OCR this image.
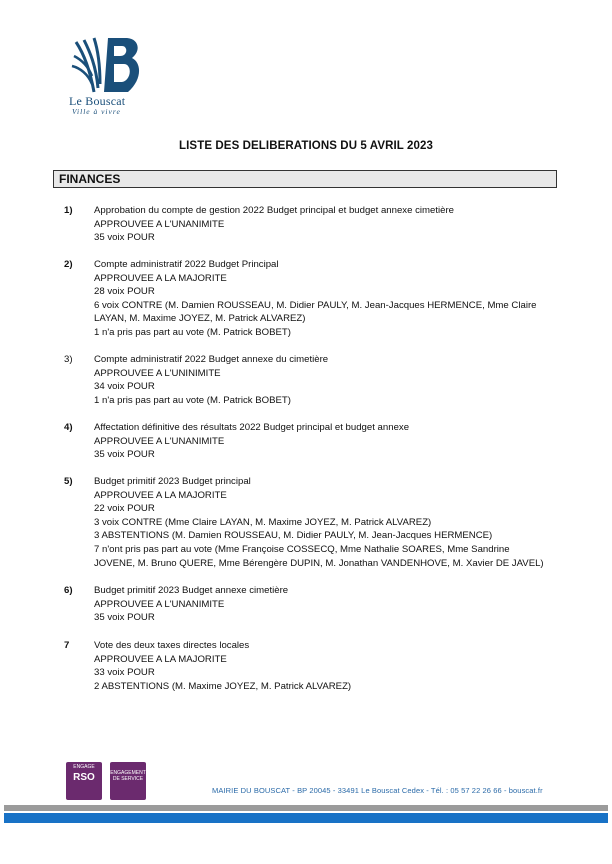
Le Bouscat
Ville à vivre
LISTE DES DELIBERATIONS DU 5 AVRIL 2023
FINANCES
1) Approbation du compte de gestion 2022 Budget principal et budget annexe cimetière
APPROUVEE A L'UNANIMITE
35 voix POUR
2) Compte administratif 2022 Budget Principal
APPROUVEE A LA MAJORITE
28 voix POUR
6 voix CONTRE (M. Damien ROUSSEAU, M. Didier PAULY, M. Jean-Jacques HERMENCE, Mme Claire
LAYAN, M. Maxime JOYEZ, M. Patrick ALVAREZ)
1 n'a pris pas part au vote (M. Patrick BOBET)
3) Compte administratif 2022 Budget annexe du cimetière
APPROUVEE A L'UNINIMITE
34 voix POUR
1 n'a pris pas part au vote (M. Patrick BOBET)
4) Affectation définitive des résultats 2022 Budget principal et budget annexe
APPROUVEE A L'UNANIMITE
35 voix POUR
5) Budget primitif 2023 Budget principal
APPROUVEE A LA MAJORITE
22 voix POUR
3 voix CONTRE (Mme Claire LAYAN, M. Maxime JOYEZ, M. Patrick ALVAREZ)
3 ABSTENTIONS (M. Damien ROUSSEAU, M. Didier PAULY, M. Jean-Jacques HERMENCE)
7 n'ont pris pas part au vote (Mme Françoise COSSECQ, Mme Nathalie SOARES, Mme Sandrine
JOVENE, M. Bruno QUERE, Mme Bérengère DUPIN, M. Jonathan VANDENHOVE, M. Xavier DE JAVEL)
6) Budget primitif 2023 Budget annexe cimetière
APPROUVEE A L'UNANIMITE
35 voix POUR
7	Vote des deux taxes directes locales
APPROUVEE A LA MAJORITE
33 voix POUR
2 ABSTENTIONS (M. Maxime JOYEZ, M. Patrick ALVAREZ)
ENGAGE
RSO	ENGAGEMENT DE SERVICE
MAIRIE DU BOUSCAT - BP 20045 - 33491 Le Bouscat Cedex - Tél. : 05 57 22 26 66 - bouscat.fr
